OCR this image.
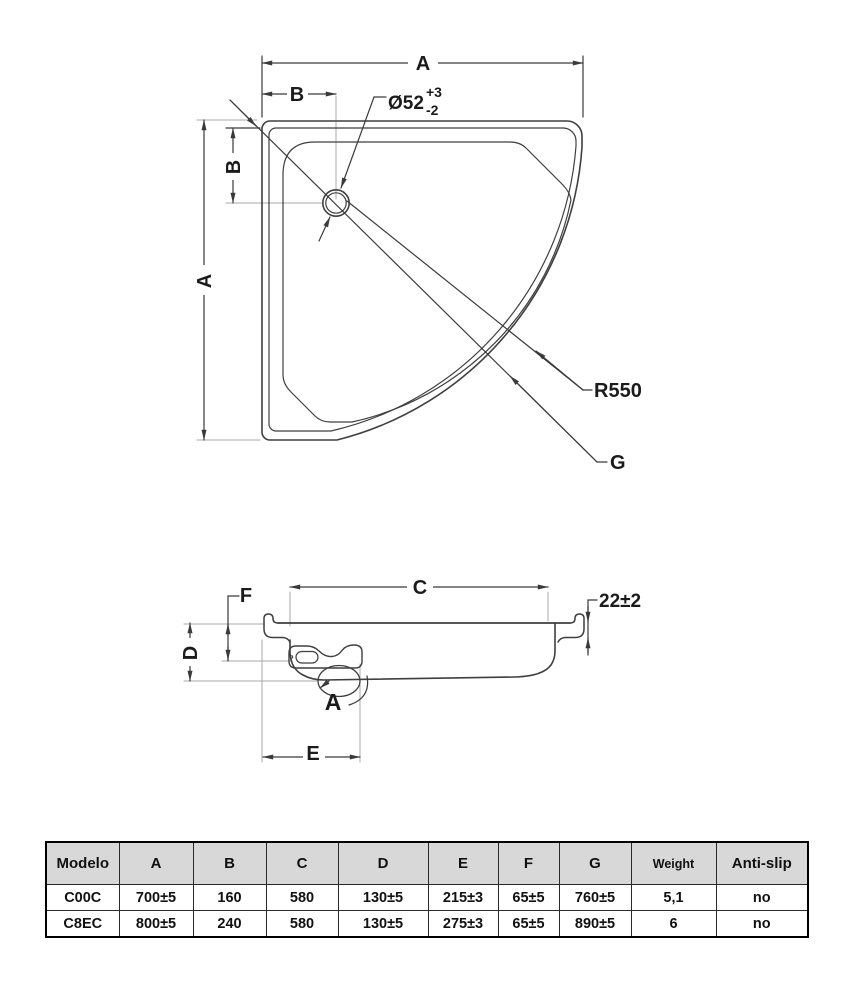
A
B
A
B
Ø52
+3
-2
G
R550
A
C
F
D
22±2
E
Modelo	A	B	C	D	E	F	G	Weight	Anti-slip
C00C	700±5	160	580	130±5	215±3	65±5	760±5	5,1	no
C8EC	800±5	240	580	130±5	275±3	65±5	890±5	6	no
